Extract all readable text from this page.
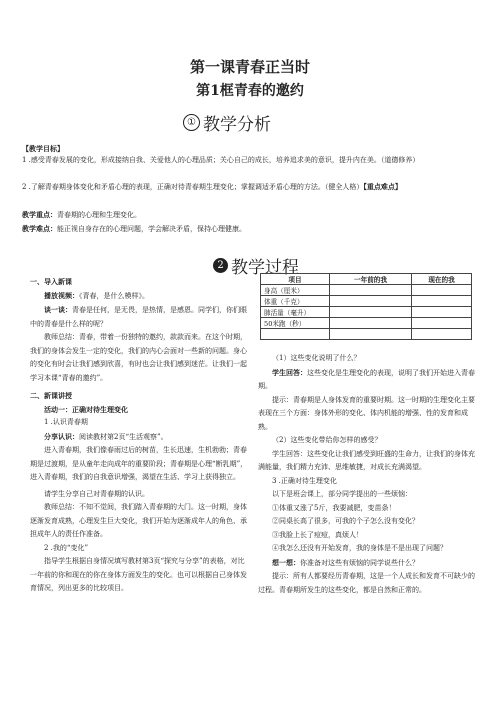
第一课青春正当时
第1框青春的邀约
① 教学分析
【教学目标】
1 .感受青春发展的变化，形成接纳自我、关爱他人的心理品质；关心自己的成长，培养追求美的意识，提升内在美。（道德修养）
2 .了解青春期身体变化和矛盾心理的表现，正确对待青春期生理变化；掌握调适矛盾心理的方法。（健全人格）【重点难点】
教学重点：青春期的心理和生理变化。
教学难点：能正视自身存在的心理问题，学会解决矛盾，保持心理健康。
2 教学过程
一、导入新课
播放视频：《青春，是什么模样》。
谈一谈：青春是任何，是无畏，是热情，是感恩。同学们，你们眼中的青春是什么样的呢？
教师总结：青春，带着一份独特的邀约，款款而来。在这个时期，我们的身体会发生一定的变化，我们的内心会面对一些新的问题。身心的变化有时会让我们感到欣喜，有时也会让我们感到迷茫。让我们一起学习本课“青春的邀约”。
二、新课讲授
活动一：正确对待生理变化
1 .认识青春期
分享认识：阅读教材第2页“生活观察”。
进入青春期，我们像春雨过后的树苗，生长迅速，生机勃勃；青春期是过渡期，是从童年走向成年的重要阶段；青春期是心理“断乳期”，进入青春期，我们的自我意识增强，渴望在生活、学习上获得独立。
请学生分享自己对青春期的认识。
教师总结：不知不觉间，我们踏入青春期的大门。这一时期，身体逐渐发育成熟，心理发生巨大变化，我们开始为逐渐成年人的角色、承担成年人的责任作准备。
2 .我的“变化”
指导学生根据自身情况填写教材第3页“探究与分享”的表格，对比一年前的你和现在的你在身体方面发生的变化。也可以根据自己身体发育情况，列出更多的比较项目。
项目	一年前的我	现在的我
身高（厘米）		
体重（千克）		
肺活量（毫升）		
50米跑（秒）		

（1）这些变化说明了什么？
学生回答：这些变化是生理变化的表现，说明了我们开始进入青春期。
提示：青春期是人身体发育的重要时期。这一时期的生理变化主要表现在三个方面：身体外形的变化、体内机能的增强、性的发育和成熟。
（2）这些变化带给你怎样的感受？
学生回答：这些变化让我们感受到旺盛的生命力，让我们的身体充满能量，我们精力充沛、思维敏捷，对成长充满渴望。
3 .正确对待生理变化
以下是班会课上，部分同学提出的一些烦恼：
①体重又涨了5斤，我要减肥，变苗条！
②同桌长高了很多，可我的个子怎么没有变化？
③我脸上长了痘痘，真烦人！
④我怎么还没有开始发育，我的身体是不是出现了问题？
想一想：你准备对这些有烦恼的同学说些什么？
提示：所有人都要经历青春期，这是一个人成长和发育不可缺少的过程。青春期所发生的这些变化，都是自然和正常的。
